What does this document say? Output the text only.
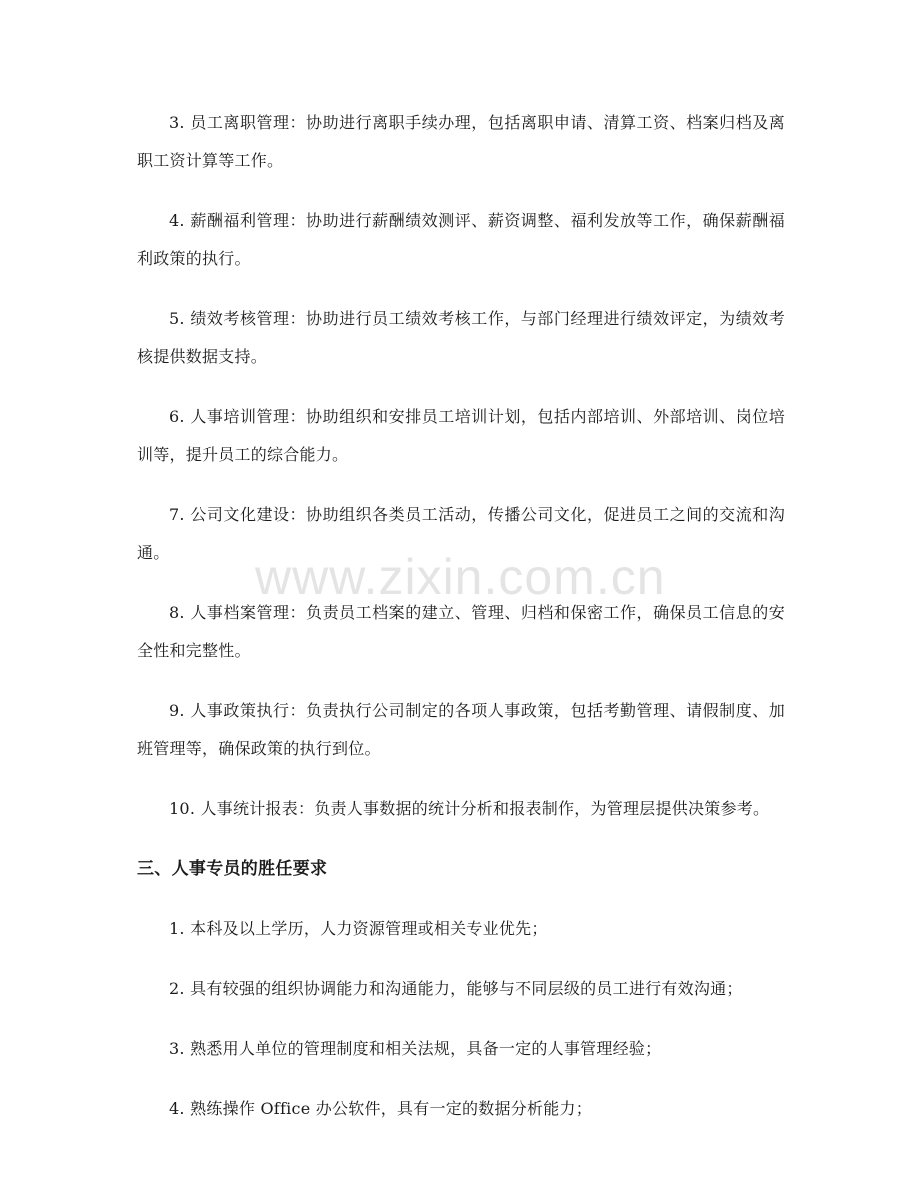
3. 员工离职管理：协助进行离职手续办理，包括离职申请、清算工资、档案归档及离职工资计算等工作。

4. 薪酬福利管理：协助进行薪酬绩效测评、薪资调整、福利发放等工作，确保薪酬福利政策的执行。

5. 绩效考核管理：协助进行员工绩效考核工作，与部门经理进行绩效评定，为绩效考核提供数据支持。

6. 人事培训管理：协助组织和安排员工培训计划，包括内部培训、外部培训、岗位培训等，提升员工的综合能力。

7. 公司文化建设：协助组织各类员工活动，传播公司文化，促进员工之间的交流和沟通。

8. 人事档案管理：负责员工档案的建立、管理、归档和保密工作，确保员工信息的安全性和完整性。

9. 人事政策执行：负责执行公司制定的各项人事政策，包括考勤管理、请假制度、加班管理等，确保政策的执行到位。

10. 人事统计报表：负责人事数据的统计分析和报表制作，为管理层提供决策参考。

三、人事专员的胜任要求

1. 本科及以上学历，人力资源管理或相关专业优先；

2. 具有较强的组织协调能力和沟通能力，能够与不同层级的员工进行有效沟通；

3. 熟悉用人单位的管理制度和相关法规，具备一定的人事管理经验；

4. 熟练操作 Office 办公软件，具有一定的数据分析能力；

www.zixin.com.cn
